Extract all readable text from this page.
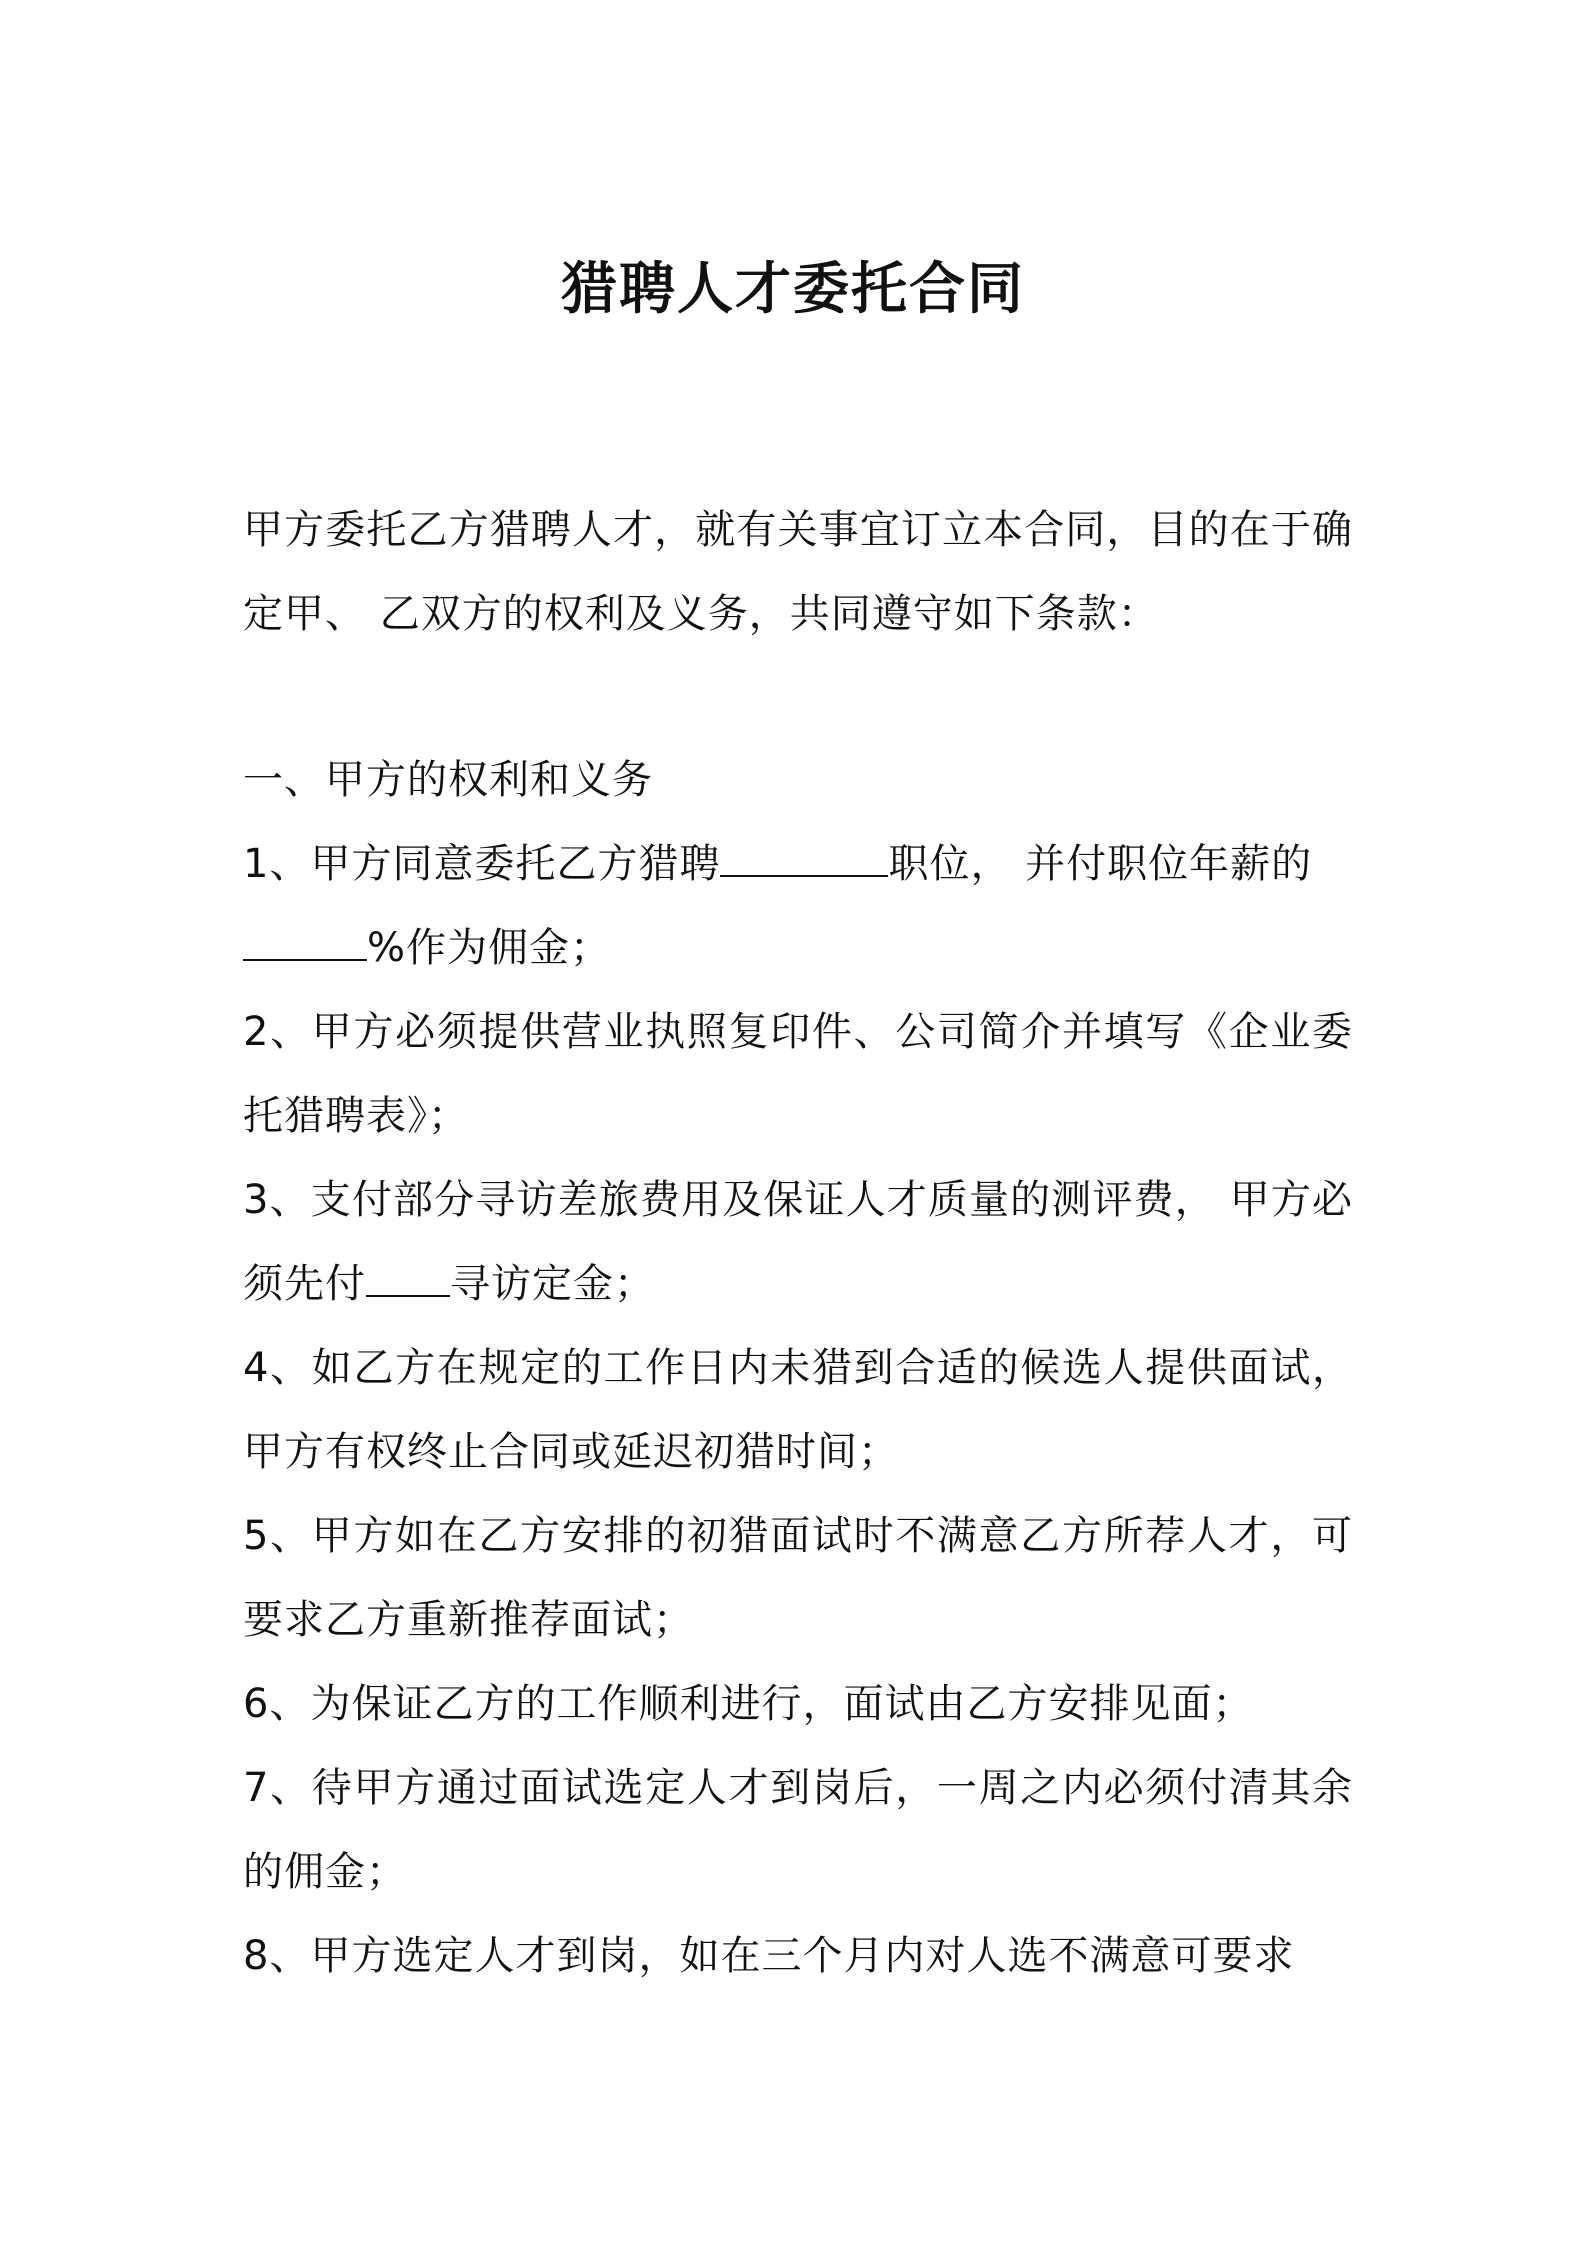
猎聘人才委托合同

甲方委托乙方猎聘人才，就有关事宜订立本合同，目的在于确定甲、 乙双方的权利及义务，共同遵守如下条款：

一、甲方的权利和义务

1、甲方同意委托乙方猎聘	职位， 并付职位年薪的
%作为佣金；

2、甲方必须提供营业执照复印件、公司简介并填写《企业委托猎聘表》；

3、支付部分寻访差旅费用及保证人才质量的测评费， 甲方必须先付 寻访定金；

4、如乙方在规定的工作日内未猎到合适的候选人提供面试，甲方有权终止合同或延迟初猎时间；

5、甲方如在乙方安排的初猎面试时不满意乙方所荐人才，可要求乙方重新推荐面试；

6、为保证乙方的工作顺利进行，面试由乙方安排见面；

7、待甲方通过面试选定人才到岗后，一周之内必须付清其余的佣金；

8、甲方选定人才到岗，如在三个月内对人选不满意可要求
